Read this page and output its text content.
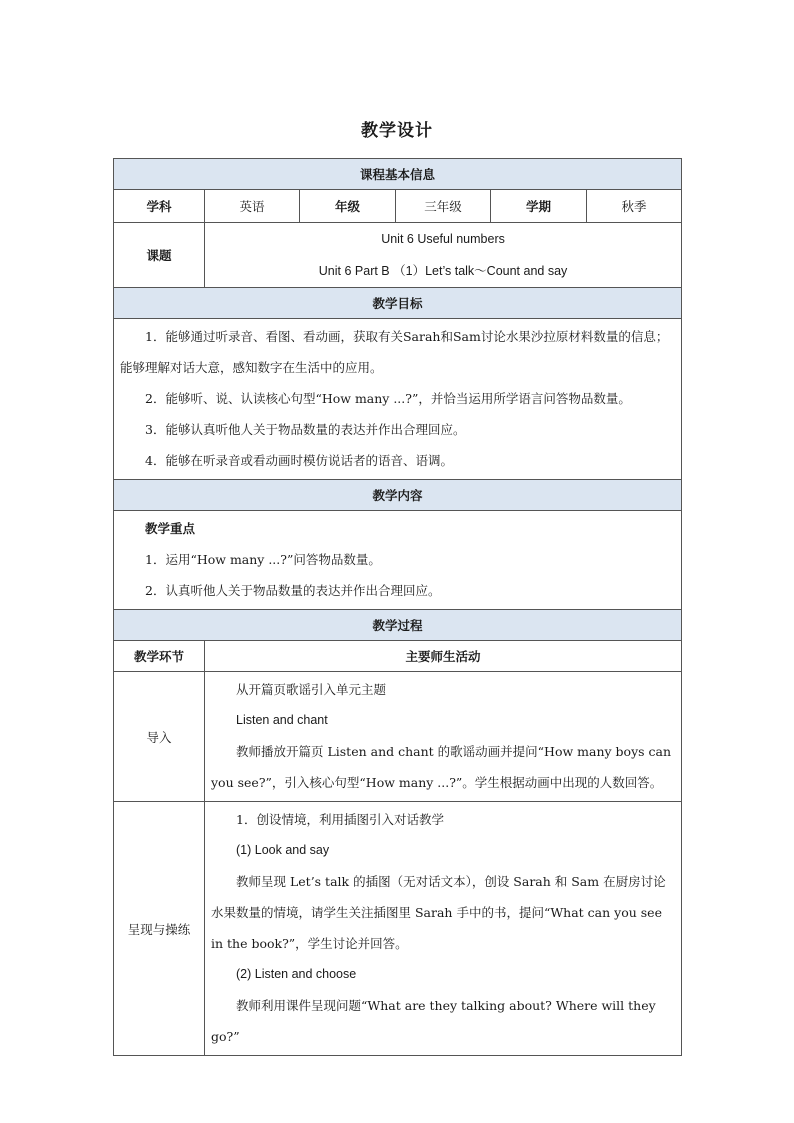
教学设计
课程基本信息					
学科	英语	年级	三年级	学期	秋季
课题	Unit 6 Useful numbers
Unit 6 Part B （1）Let’s talk～Count and say				

教学目标					

1．能够通过听录音、看图、看动画，获取有关Sarah和Sam讨论水果沙拉原材料数量的信息；能够理解对话大意，感知数字在生活中的应用。
2．能够听、说、认读核心句型“How many ...?”，并恰当运用所学语言问答物品数量。
3．能够认真听他人关于物品数量的表达并作出合理回应。
4．能够在听录音或看动画时模仿说话者的语音、语调。					

教学内容					

教学重点
1．运用“How many ...?”问答物品数量。
2．认真听他人关于物品数量的表达并作出合理回应。					

教学过程					
教学环节	主要师生活动				
导入	从开篇页歌谣引入单元主题
Listen and chant
教师播放开篇页 Listen and chant 的歌谣动画并提问“How many boys can you see?”，引入核心句型“How many ...?”。学生根据动画中出现的人数回答。				

呈现与操练	1．创设情境，利用插图引入对话教学
(1) Look and say
教师呈现 Let’s talk 的插图（无对话文本），创设 Sarah 和 Sam 在厨房讨论水果数量的情境，请学生关注插图里 Sarah 手中的书，提问“What can you see in the book?”，学生讨论并回答。
(2) Listen and choose
教师利用课件呈现问题“What are they talking about? Where will they go?”				
